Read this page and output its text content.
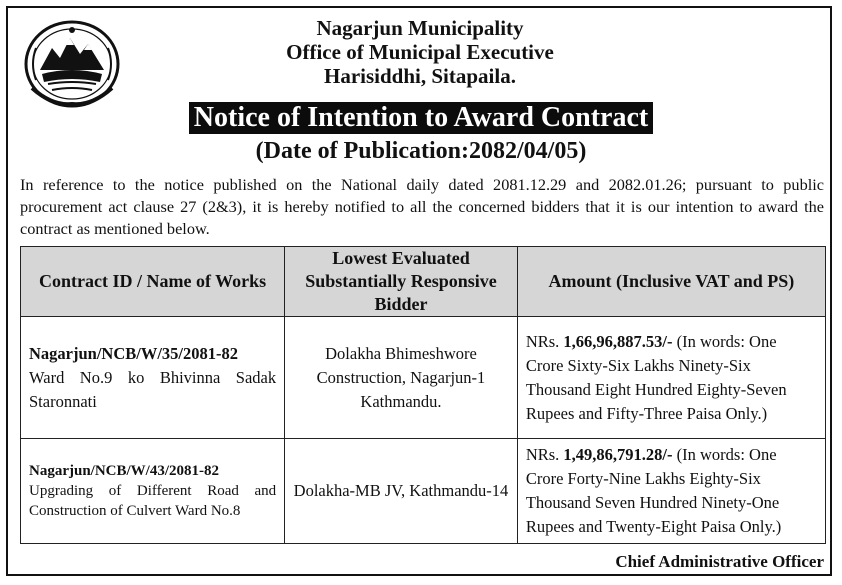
Nagarjun Municipality
Office of Municipal Executive
Harisiddhi, Sitapaila.
Notice of Intention to Award Contract
(Date of Publication:2082/04/05)
In reference to the notice published on the National daily dated 2081.12.29 and 2082.01.26; pursuant to public procurement act clause 27 (2&3), it is hereby notified to all the concerned bidders that it is our intention to award the contract as mentioned below.
Contract ID / Name of Works	Lowest Evaluated Substantially Responsive Bidder	Amount (Inclusive VAT and PS)

Nagarjun/NCB/W/35/2081-82
Ward No.9 ko Bhivinna Sadak Staronnati	Dolakha Bhimeshwore Construction, Nagarjun-1 Kathmandu.	NRs. 1,66,96,887.53/- (In words: One Crore Sixty-Six Lakhs Ninety-Six Thousand Eight Hundred Eighty-Seven Rupees and Fifty-Three Paisa Only.)

Nagarjun/NCB/W/43/2081-82
Upgrading of Different Road and Construction of Culvert Ward No.8	Dolakha-MB JV, Kathmandu-14	NRs. 1,49,86,791.28/- (In words: One Crore Forty-Nine Lakhs Eighty-Six Thousand Seven Hundred Ninety-One Rupees and Twenty-Eight Paisa Only.)
Chief Administrative Officer
